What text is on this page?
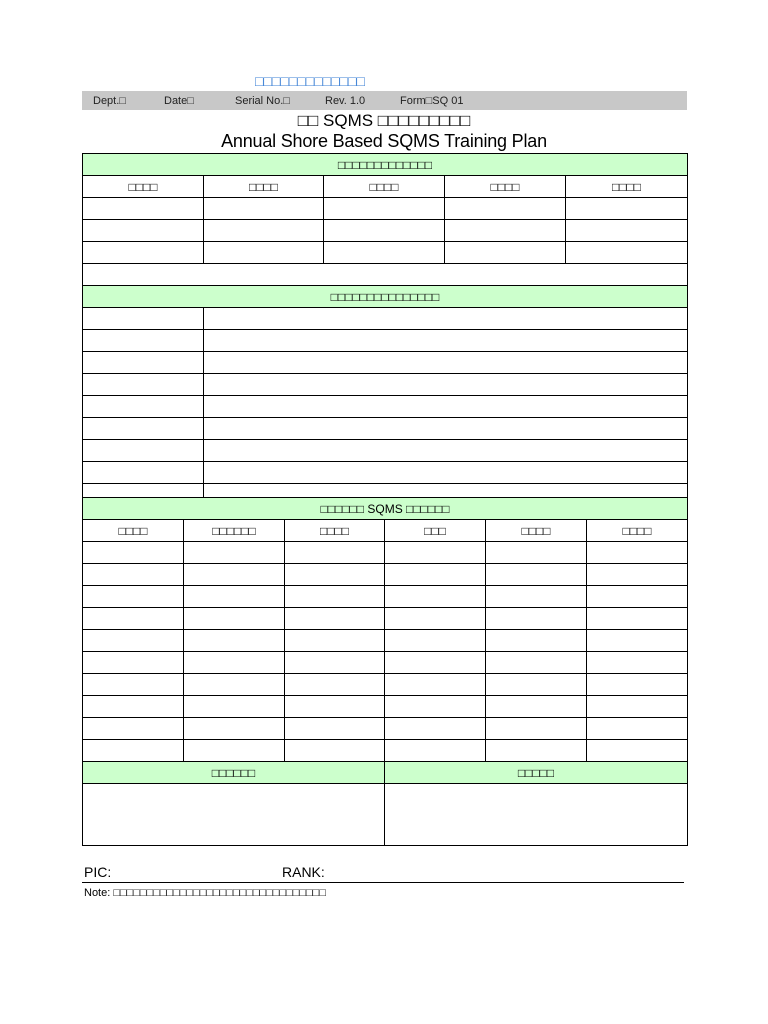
□□□□□□□□□□□□□
Dept.□	Date□	Serial No.□	Rev. 1.0	Form□SQ 01
□□ SQMS □□□□□□□□□
Annual Shore Based SQMS Training Plan
□□□□□□□□□□□□□				
□□□□	□□□□	□□□□	□□□□	□□□□

□□□□□□□□□□□□□□□				

□□□□□□ SQMS □□□□□□					
□□□□	□□□□□□	□□□□	□□□	□□□□	□□□□

□□□□□□			□□□□□		

PIC:	RANK:
Note: □□□□□□□□□□□□□□□□□□□□□□□□□□□□□□□□
